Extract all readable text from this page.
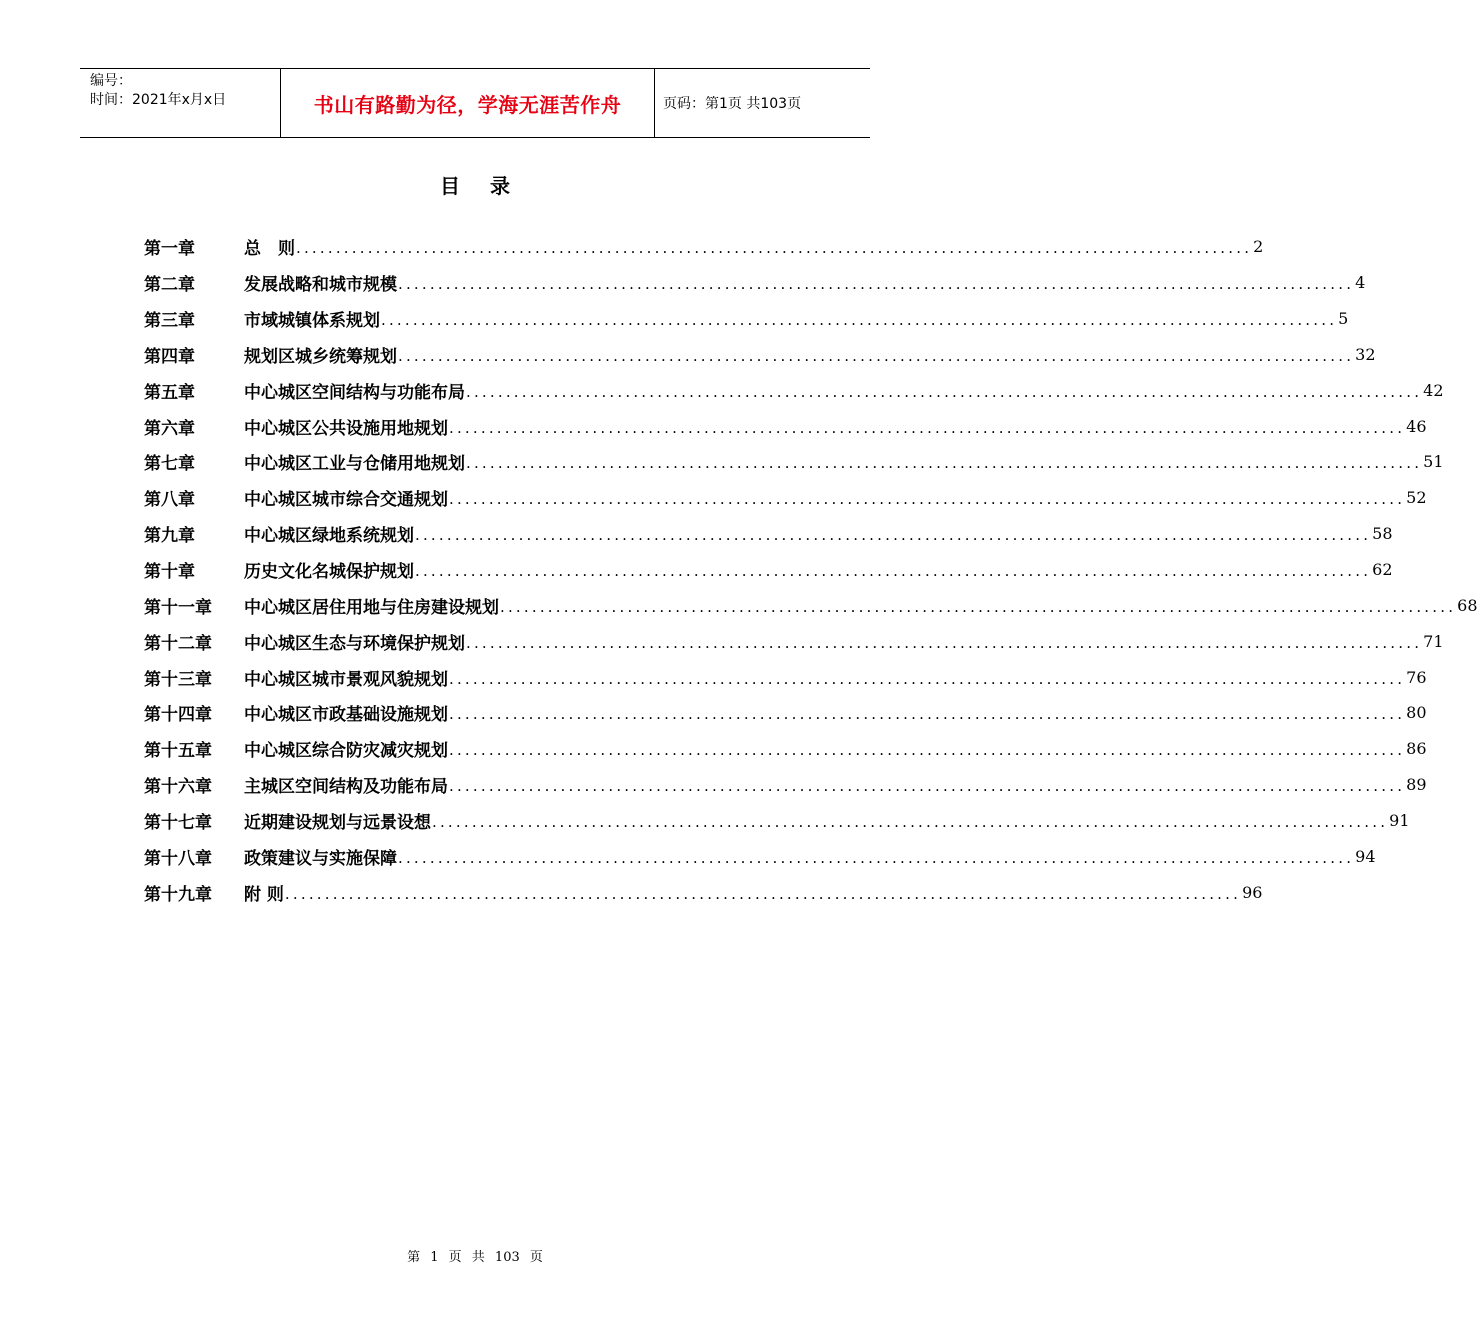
编号：
时间：2021年x月x日	书山有路勤为径，学海无涯苦作舟	页码：第1页 共103页
目录
第一章	总　则 ........................................................................................................................ 2
第二章	发展战略和城市规模 ........................................................................................................................ 4
第三章	市域城镇体系规划 ........................................................................................................................ 5
第四章	规划区城乡统筹规划 ........................................................................................................................ 32
第五章	中心城区空间结构与功能布局 ........................................................................................................................ 42
第六章	中心城区公共设施用地规划 ........................................................................................................................ 46
第七章	中心城区工业与仓储用地规划 ........................................................................................................................ 51
第八章	中心城区城市综合交通规划 ........................................................................................................................ 52
第九章	中心城区绿地系统规划 ........................................................................................................................ 58
第十章	历史文化名城保护规划 ........................................................................................................................ 62
第十一章	中心城区居住用地与住房建设规划 ........................................................................................................................ 68
第十二章	中心城区生态与环境保护规划 ........................................................................................................................ 71
第十三章	中心城区城市景观风貌规划 ........................................................................................................................ 76
第十四章	中心城区市政基础设施规划 ........................................................................................................................ 80
第十五章	中心城区综合防灾减灾规划 ........................................................................................................................ 86
第十六章	主城区空间结构及功能布局 ........................................................................................................................ 89
第十七章	近期建设规划与远景设想 ........................................................................................................................ 91
第十八章	政策建议与实施保障 ........................................................................................................................ 94
第十九章	附 则 ........................................................................................................................ 96
第 1 页 共 103 页
